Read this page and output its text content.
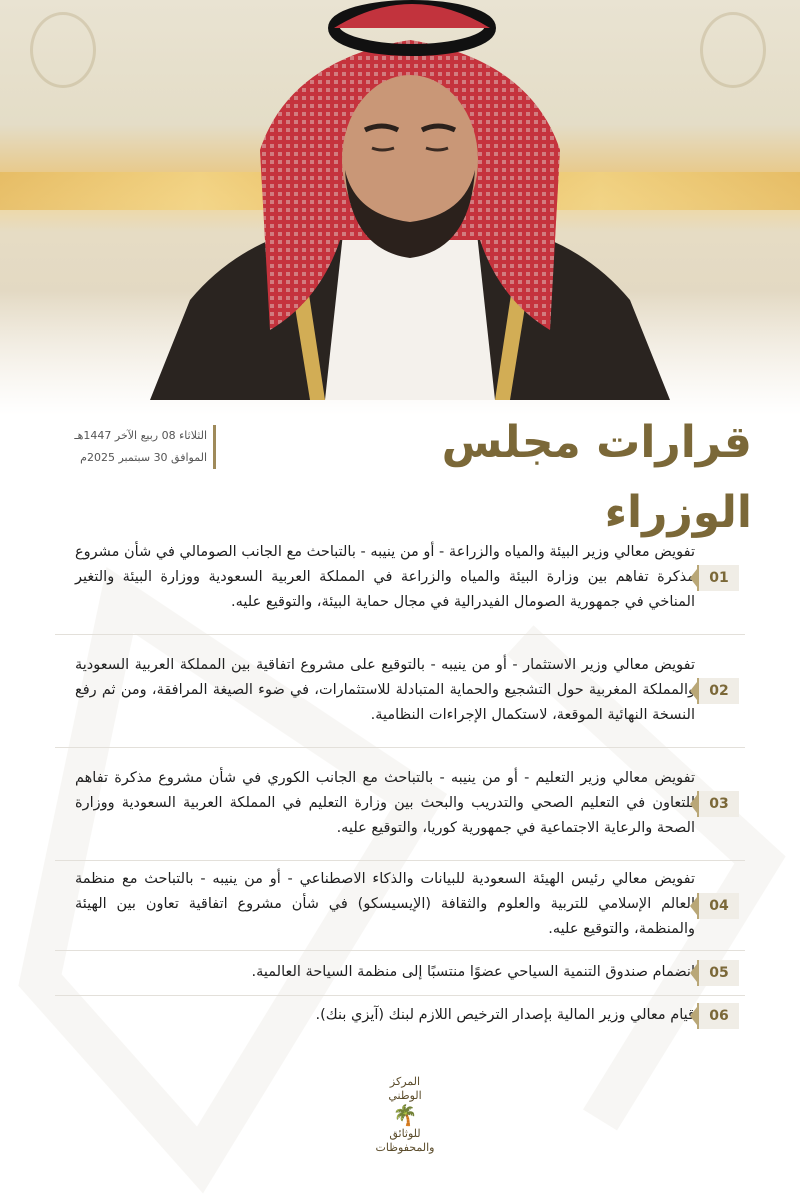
قرارات مجلس الوزراء
الثلاثاء 08 ربيع الآخر 1447هـ
الموافق 30 سبتمبر 2025م
01
تفويض معالي وزير البيئة والمياه والزراعة - أو من ينيبه - بالتباحث مع الجانب الصومالي في شأن مشروع مذكرة تفاهم بين وزارة البيئة والمياه والزراعة في المملكة العربية السعودية ووزارة البيئة والتغير المناخي في جمهورية الصومال الفيدرالية في مجال حماية البيئة، والتوقيع عليه.
02
تفويض معالي وزير الاستثمار - أو من ينيبه - بالتوقيع على مشروع اتفاقية بين المملكة العربية السعودية والمملكة المغربية حول التشجيع والحماية المتبادلة للاستثمارات، في ضوء الصيغة المرافقة، ومن ثم رفع النسخة النهائية الموقعة، لاستكمال الإجراءات النظامية.
03
تفويض معالي وزير التعليم - أو من ينيبه - بالتباحث مع الجانب الكوري في شأن مشروع مذكرة تفاهم للتعاون في التعليم الصحي والتدريب والبحث بين وزارة التعليم في المملكة العربية السعودية ووزارة الصحة والرعاية الاجتماعية في جمهورية كوريا، والتوقيع عليه.
04
تفويض معالي رئيس الهيئة السعودية للبيانات والذكاء الاصطناعي - أو من ينيبه - بالتباحث مع منظمة العالم الإسلامي للتربية والعلوم والثقافة (الإيسيسكو) في شأن مشروع اتفاقية تعاون بين الهيئة والمنظمة، والتوقيع عليه.
05
انضمام صندوق التنمية السياحي عضوًا منتسبًا إلى منظمة السياحة العالمية.
06
قيام معالي وزير المالية بإصدار الترخيص اللازم لبنك (آيزي بنك).
المركز
الوطني
🌴
للوثائق
والمحفوظات
